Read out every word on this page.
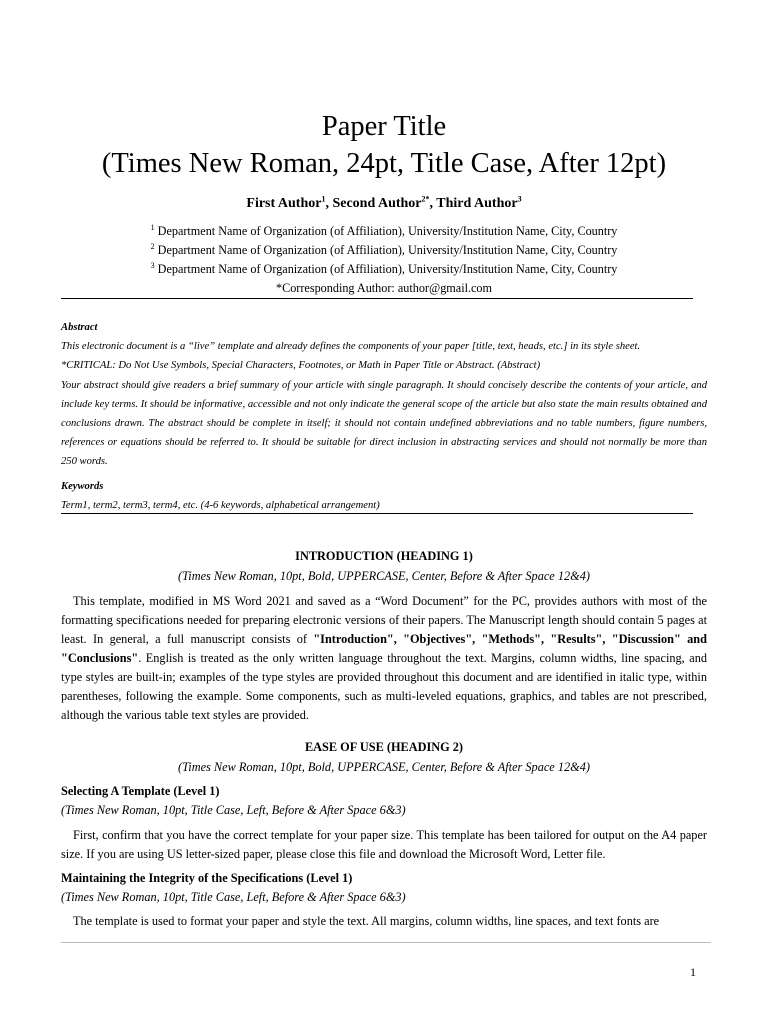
Paper Title
(Times New Roman, 24pt, Title Case, After 12pt)
First Author$^1$, Second Author$^{2*}$, Third Author$^3$
$^1$ Department Name of Organization (of Affiliation), University/Institution Name, City, Country
$^2$ Department Name of Organization (of Affiliation), University/Institution Name, City, Country
$^3$ Department Name of Organization (of Affiliation), University/Institution Name, City, Country
*Corresponding Author: author@gmail.com
Abstract
This electronic document is a “live” template and already defines the components of your paper [title, text, heads, etc.] in its style sheet.
*CRITICAL: Do Not Use Symbols, Special Characters, Footnotes, or Math in Paper Title or Abstract. (Abstract)
Your abstract should give readers a brief summary of your article with single paragraph. It should concisely describe the contents of your article, and include key terms. It should be informative, accessible and not only indicate the general scope of the article but also state the main results obtained and conclusions drawn. The abstract should be complete in itself; it should not contain undefined abbreviations and no table numbers, figure numbers, references or equations should be referred to. It should be suitable for direct inclusion in abstracting services and should not normally be more than 250 words.
Keywords
Term1, term2, term3, term4, etc. (4-6 keywords, alphabetical arrangement)
INTRODUCTION (HEADING 1)
(Times New Roman, 10pt, Bold, UPPERCASE, Center, Before & After Space 12&4)
This template, modified in MS Word 2021 and saved as a “Word Document” for the PC, provides authors with most of the formatting specifications needed for preparing electronic versions of their papers. The Manuscript length should contain 5 pages at least. In general, a full manuscript consists of "Introduction", "Objectives", "Methods", "Results", "Discussion" and "Conclusions". English is treated as the only written language throughout the text. Margins, column widths, line spacing, and type styles are built-in; examples of the type styles are provided throughout this document and are identified in italic type, within parentheses, following the example. Some components, such as multi-leveled equations, graphics, and tables are not prescribed, although the various table text styles are provided.
EASE OF USE (HEADING 2)
(Times New Roman, 10pt, Bold, UPPERCASE, Center, Before & After Space 12&4)
Selecting A Template (Level 1)
(Times New Roman, 10pt, Title Case, Left, Before & After Space 6&3)
First, confirm that you have the correct template for your paper size. This template has been tailored for output on the A4 paper size. If you are using US letter-sized paper, please close this file and download the Microsoft Word, Letter file.
Maintaining the Integrity of the Specifications (Level 1)
(Times New Roman, 10pt, Title Case, Left, Before & After Space 6&3)
The template is used to format your paper and style the text. All margins, column widths, line spaces, and text fonts are
1
